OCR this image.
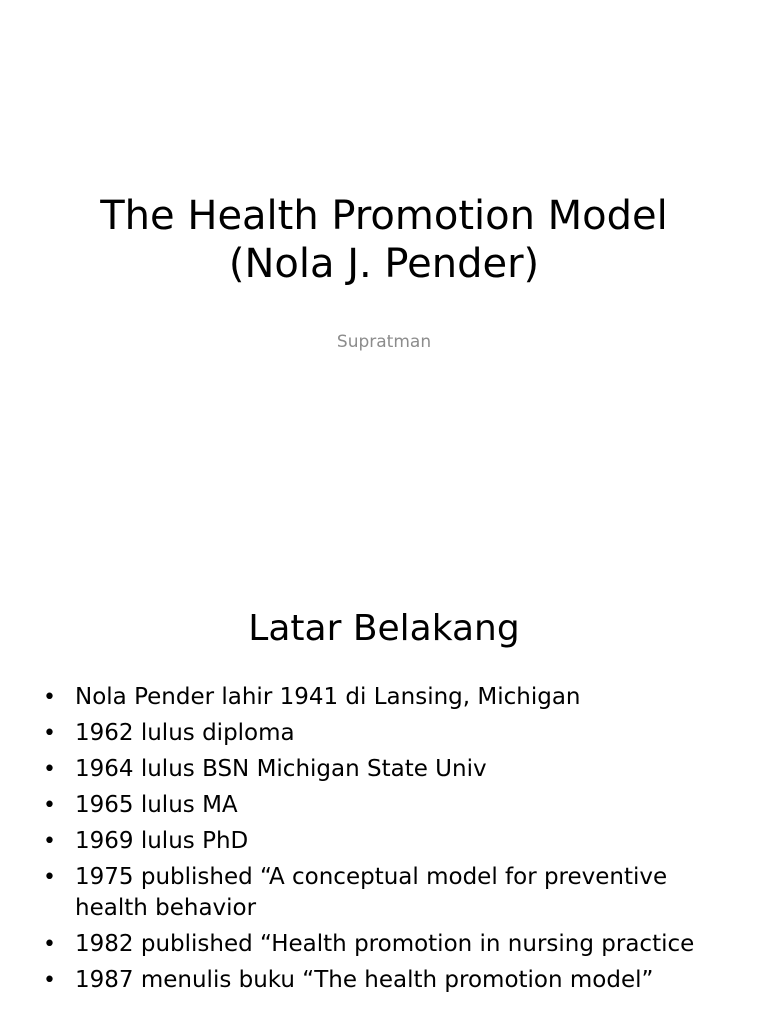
The Health Promotion Model
(Nola J. Pender)

Supratman

Latar Belakang
• Nola Pender lahir 1941 di Lansing, Michigan
• 1962 lulus diploma
• 1964 lulus BSN Michigan State Univ
• 1965 lulus MA
• 1969 lulus PhD
• 1975 published “A conceptual model for preventive health behavior
• 1982 published “Health promotion in nursing practice
• 1987 menulis buku “The health promotion model”
